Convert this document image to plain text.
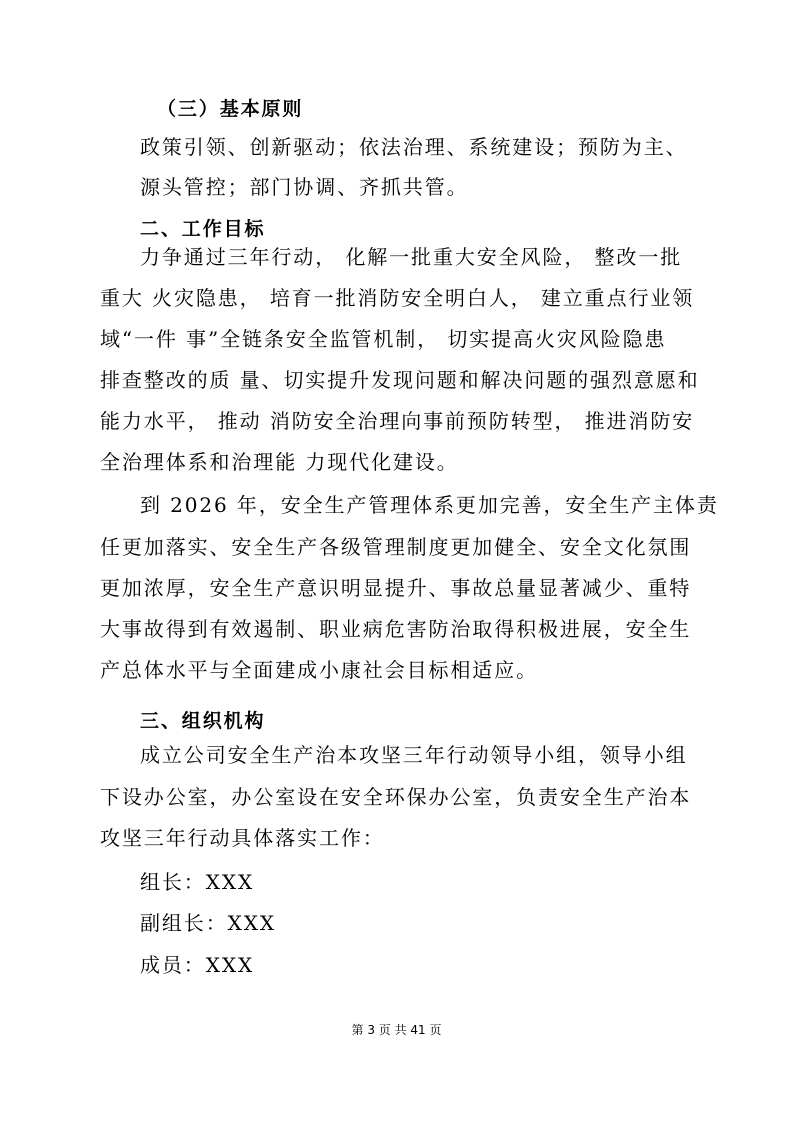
（三）基本原则
政策引领、创新驱动；依法治理、系统建设；预防为主、
源头管控；部门协调、齐抓共管。
二、工作目标
力争通过三年行动， 化解一批重大安全风险， 整改一批
重大 火灾隐患， 培育一批消防安全明白人， 建立重点行业领
域“一件 事”全链条安全监管机制， 切实提高火灾风险隐患
排查整改的质 量、切实提升发现问题和解决问题的强烈意愿和
能力水平， 推动 消防安全治理向事前预防转型， 推进消防安
全治理体系和治理能 力现代化建设。
到 2026 年，安全生产管理体系更加完善，安全生产主体责
任更加落实、安全生产各级管理制度更加健全、安全文化氛围
更加浓厚，安全生产意识明显提升、事故总量显著减少、重特
大事故得到有效遏制、职业病危害防治取得积极进展，安全生
产总体水平与全面建成小康社会目标相适应。
三、组织机构
成立公司安全生产治本攻坚三年行动领导小组，领导小组
下设办公室，办公室设在安全环保办公室，负责安全生产治本
攻坚三年行动具体落实工作：
组长：XXX
副组长：XXX
成员：XXX
第 3 页 共 41 页
